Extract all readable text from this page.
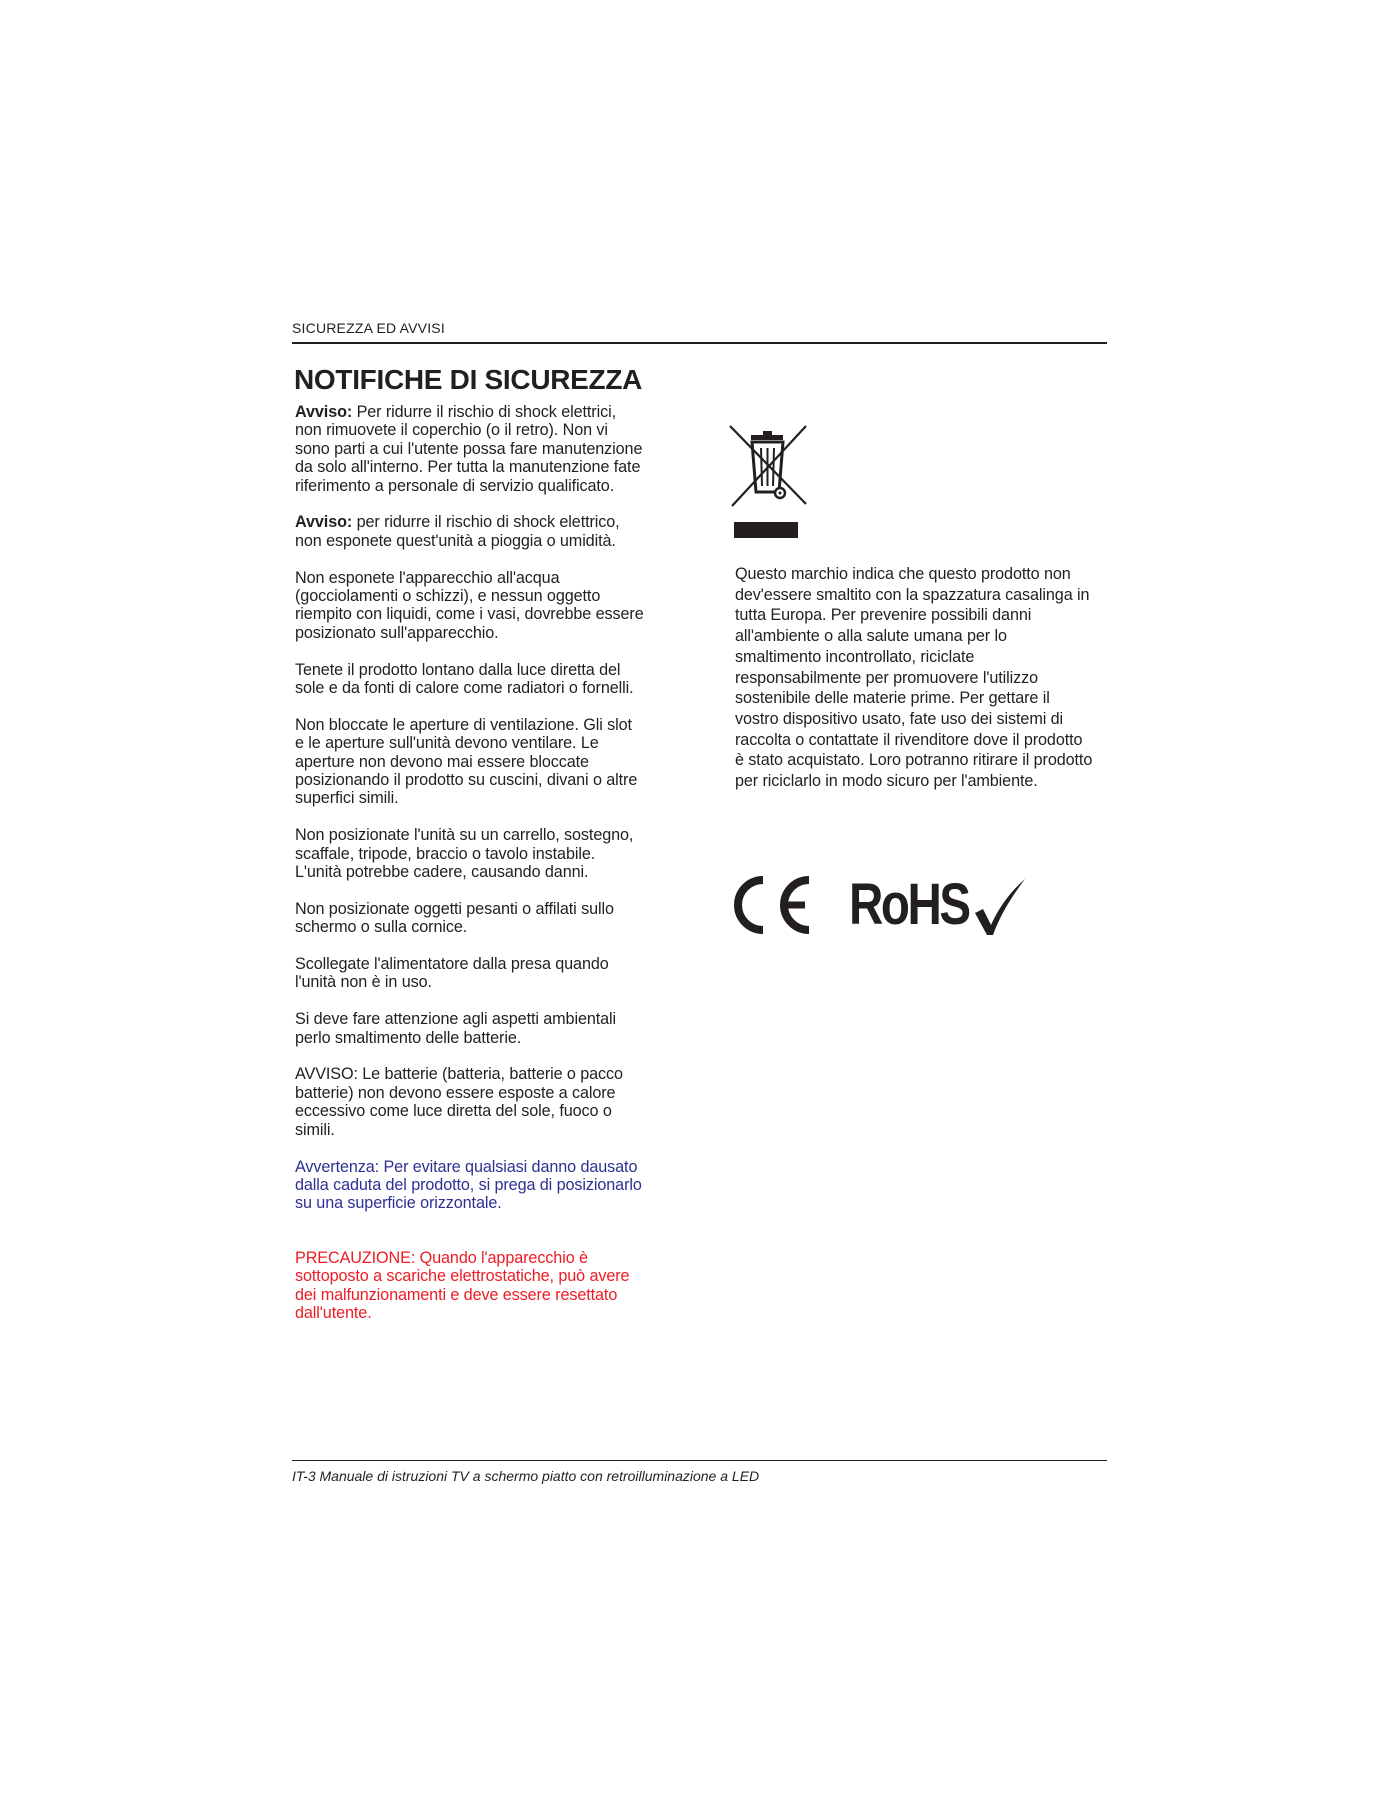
SICUREZZA ED AVVISI
NOTIFICHE DI SICUREZZA

Avviso: Per ridurre il rischio di shock elettrici, non rimuovete il coperchio (o il retro). Non vi sono parti a cui l'utente possa fare manutenzione da solo all'interno. Per tutta la manutenzione fate riferimento a personale di servizio qualificato.

Avviso: per ridurre il rischio di shock elettrico, non esponete quest'unità a pioggia o umidità.

Non esponete l'apparecchio all'acqua (gocciolamenti o schizzi), e nessun oggetto riempito con liquidi, come i vasi, dovrebbe essere posizionato sull'apparecchio.

Tenete il prodotto lontano dalla luce diretta del sole e da fonti di calore come radiatori o fornelli.

Non bloccate le aperture di ventilazione. Gli slot e le aperture sull'unità devono ventilare. Le aperture non devono mai essere bloccate posizionando il prodotto su cuscini, divani o altre superfici simili.

Non posizionate l'unità su un carrello, sostegno, scaffale, tripode, braccio o tavolo instabile. L'unità potrebbe cadere, causando danni.

Non posizionate oggetti pesanti o affilati sullo schermo o sulla cornice.

Scollegate l'alimentatore dalla presa quando l'unità non è in uso.

Si deve fare attenzione agli aspetti ambientali perlo smaltimento delle batterie.

AVVISO: Le batterie (batteria, batterie o pacco batterie) non devono essere esposte a calore eccessivo come luce diretta del sole, fuoco o simili.

Avvertenza: Per evitare qualsiasi danno dausato dalla caduta del prodotto, si prega di posizionarlo su una superficie orizzontale.

PRECAUZIONE: Quando l'apparecchio è sottoposto a scariche elettrostatiche, può avere dei malfunzionamenti e deve essere resettato dall'utente.

Questo marchio indica che questo prodotto non dev'essere smaltito con la spazzatura casalinga in tutta Europa. Per prevenire possibili danni all'ambiente o alla salute umana per lo smaltimento incontrollato, riciclate responsabilmente per promuovere l'utilizzo sostenibile delle materie prime. Per gettare il vostro dispositivo usato, fate uso dei sistemi di raccolta o contattate il rivenditore dove il prodotto è stato acquistato. Loro potranno ritirare il prodotto per riciclarlo in modo sicuro per l'ambiente.

RoHS
IT-3 Manuale di istruzioni TV a schermo piatto con retroilluminazione a LED
